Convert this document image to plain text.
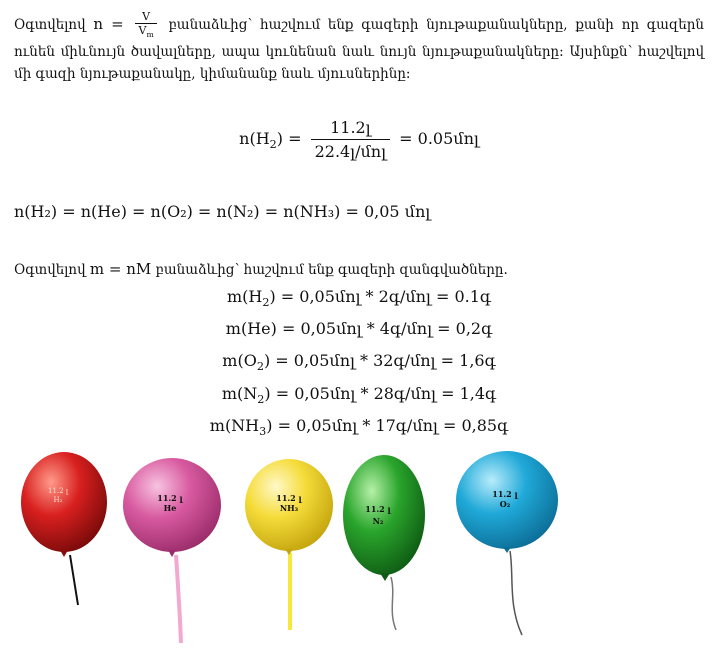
Օգտվելով $n = \frac{V}{V_m}$ բանաձևից՝ հաշվում ենք գազերի նյութաքանակները, քանի որ գազերն ունեն միևնույն ծավալները, ապա կունենան նաև նույն նյութաքանակները: Այսինքն՝ հաշվելով մի գազի նյութաքանակը, կիմանանք նաև մյուսներինը:
$n(H_2) = \frac{\text{11.2լ}}{\text{22.4լ/մոլ}}$ = 0.05մոլ
n(H₂) = n(He) = n(O₂) = n(N₂) = n(NH₃) = 0,05 մոլ
Օգտվելով m = nM բանաձևից՝ հաշվում ենք գազերի զանգվածները.
$m(H_2)$ = 0,05մոլ * 2գ/մոլ = 0.1գ
m(He) = 0,05մոլ * 4գ/մոլ = 0,2գ
$m(O_2)$ = 0,05մոլ * 32գ/մոլ = 1,6գ
$m(N_2)$ = 0,05մոլ * 28գ/մոլ = 1,4գ
$m(NH_3)$ = 0,05մոլ * 17գ/մոլ = 0,85գ
11.2 լ
H₂	11.2 լ
He
11.2 լ
NH₃	11.2 լ
N₂
11.2 լ
O₂
